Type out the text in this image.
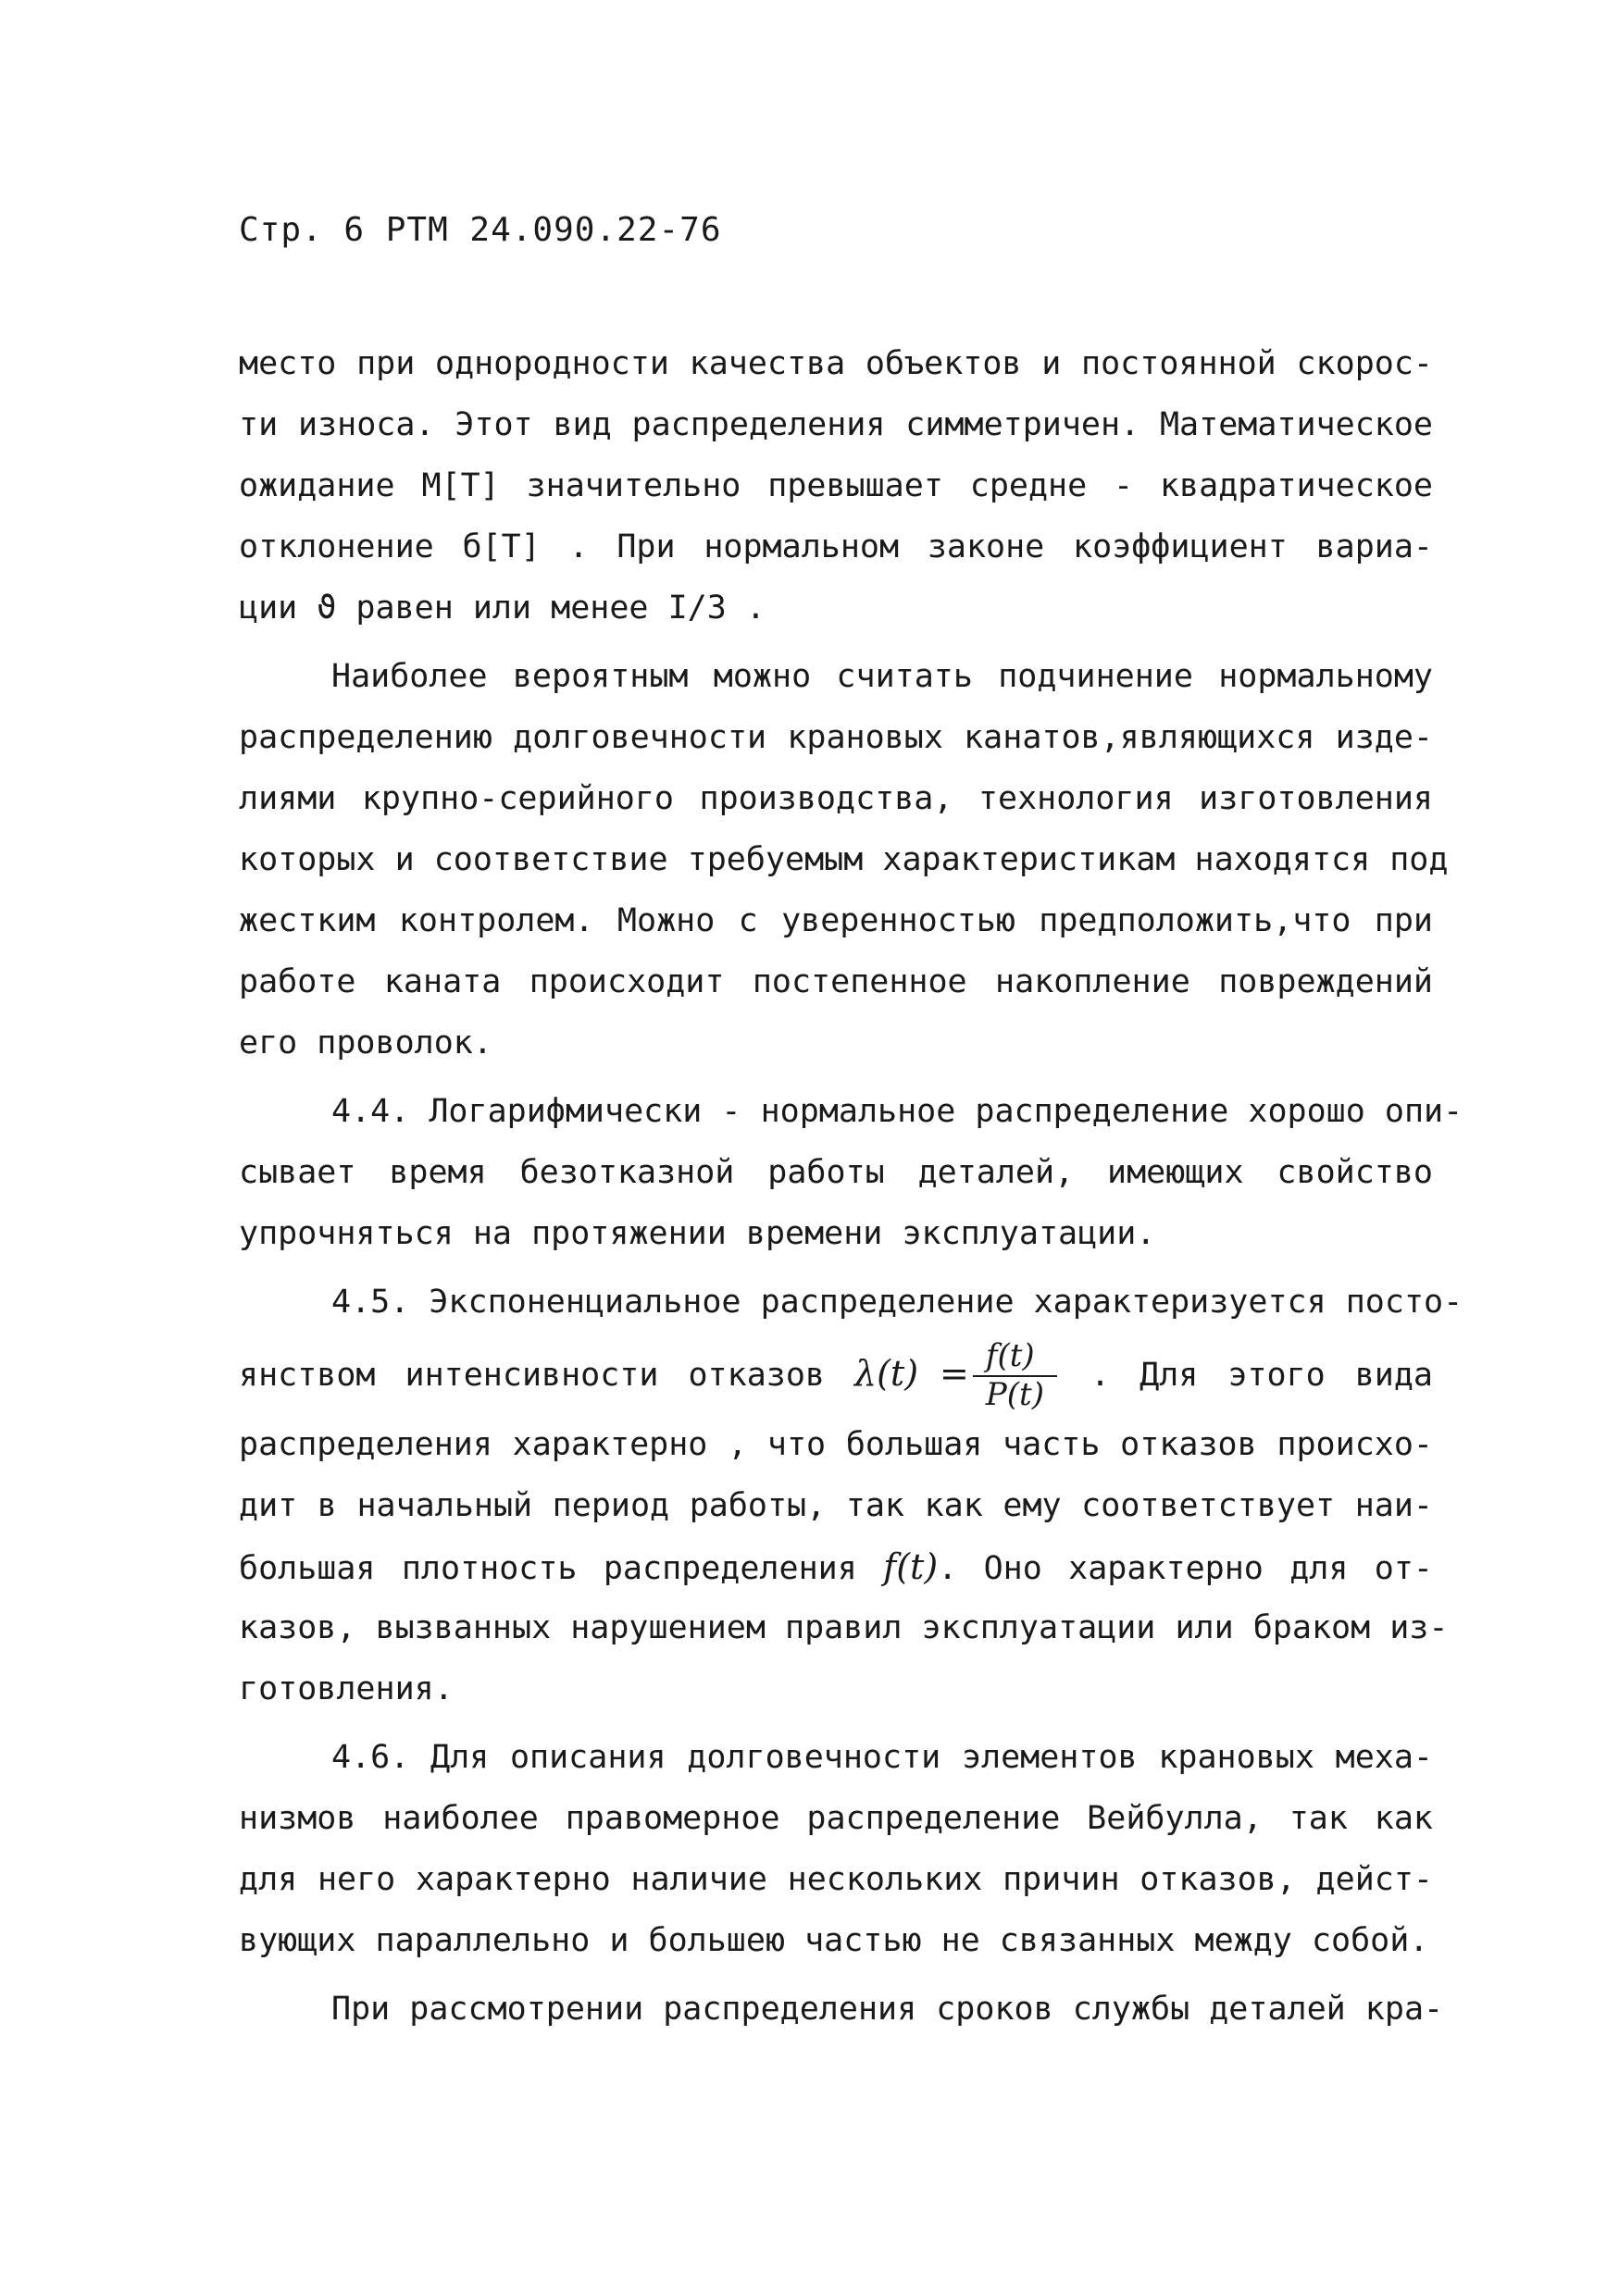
Стр. 6 РТМ 24.090.22-76
место при однородности качества объектов и постоянной скорос-
ти износа. Этот вид распределения симметричен. Математическое
ожидание М[Т] значительно превышает средне - квадратическое
отклонение б[Т] . При нормальном законе коэффициент вариа-
ции ϑ равен или менее I/3 .
Наиболее вероятным можно считать подчинение нормальному
распределению долговечности крановых канатов,являющихся изде-
лиями крупно-серийного производства, технология изготовления
которых и соответствие требуемым характеристикам находятся под
жестким контролем. Можно с уверенностью предположить,что при
работе каната происходит постепенное накопление повреждений
его проволок.
4.4. Логарифмически - нормальное распределение хорошо опи-
сывает время безотказной работы деталей, имеющих свойство
упрочняться на протяжении времени эксплуатации.
4.5. Экспоненциальное распределение характеризуется посто-
янством интенсивности отказов $\lambda(t) = \frac{f(t)}{P(t)}$ . Для этого вида
распределения характерно , что большая часть отказов происхо-
дит в начальный период работы, так как ему соответствует наи-
большая плотность распределения f(t). Оно характерно для от-
казов, вызванных нарушением правил эксплуатации или браком из-
готовления.
4.6. Для описания долговечности элементов крановых меха-
низмов наиболее правомерное распределение Вейбулла, так как
для него характерно наличие нескольких причин отказов, дейст-
вующих параллельно и большею частью не связанных между собой.
При рассмотрении распределения сроков службы деталей кра-
